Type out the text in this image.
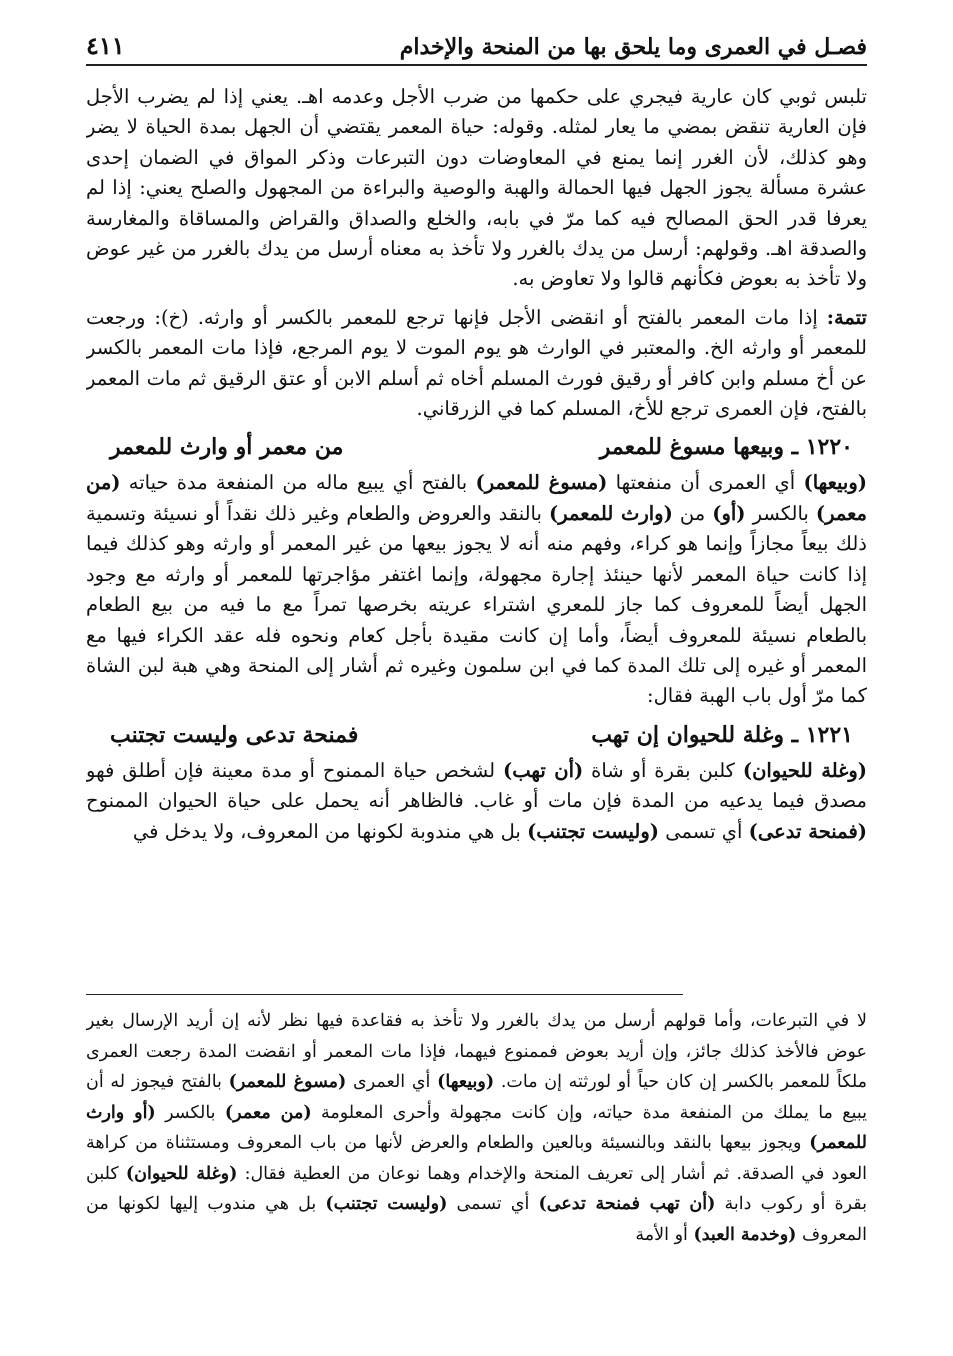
فصـل في العمرى وما يلحق بها من المنحة والإخدام
٤١١

تلبس ثوبي كان عارية فيجري على حكمها من ضرب الأجل وعدمه اهـ. يعني إذا لم يضرب الأجل فإن العارية تنقض بمضي ما يعار لمثله. وقوله: حياة المعمر يقتضي أن الجهل بمدة الحياة لا يضر وهو كذلك، لأن الغرر إنما يمنع في المعاوضات دون التبرعات وذكر المواق في الضمان إحدى عشرة مسألة يجوز الجهل فيها الحمالة والهبة والوصية والبراءة من المجهول والصلح يعني: إذا لم يعرفا قدر الحق المصالح فيه كما مرّ في بابه، والخلع والصداق والقراض والمساقاة والمغارسة والصدقة اهـ. وقولهم: أرسل من يدك بالغرر ولا تأخذ به معناه أرسل من يدك بالغرر من غير عوض ولا تأخذ به بعوض فكأنهم قالوا ولا تعاوض به.

تتمة: إذا مات المعمر بالفتح أو انقضى الأجل فإنها ترجع للمعمر بالكسر أو وارثه. (خ): ورجعت للمعمر أو وارثه الخ. والمعتبر في الوارث هو يوم الموت لا يوم المرجع، فإذا مات المعمر بالكسر عن أخ مسلم وابن كافر أو رقيق فورث المسلم أخاه ثم أسلم الابن أو عتق الرقيق ثم مات المعمر بالفتح، فإن العمرى ترجع للأخ، المسلم كما في الزرقاني.

١٢٢٠ ـ وبيعها مسوغ للمعمر
من معمر أو وارث للمعمر

(وبيعها) أي العمرى أن منفعتها (مسوغ للمعمر) بالفتح أي يبيع ماله من المنفعة مدة حياته (من معمر) بالكسر (أو) من (وارث للمعمر) بالنقد والعروض والطعام وغير ذلك نقداً أو نسيئة وتسمية ذلك بيعاً مجازاً وإنما هو كراء، وفهم منه أنه لا يجوز بيعها من غير المعمر أو وارثه وهو كذلك فيما إذا كانت حياة المعمر لأنها حينئذ إجارة مجهولة، وإنما اغتفر مؤاجرتها للمعمر أو وارثه مع وجود الجهل أيضاً للمعروف كما جاز للمعري اشتراء عريته بخرصها تمراً مع ما فيه من بيع الطعام بالطعام نسيئة للمعروف أيضاً، وأما إن كانت مقيدة بأجل كعام ونحوه فله عقد الكراء فيها مع المعمر أو غيره إلى تلك المدة كما في ابن سلمون وغيره ثم أشار إلى المنحة وهي هبة لبن الشاة كما مرّ أول باب الهبة فقال:

١٢٢١ ـ وغلة للحيوان إن تهب
فمنحة تدعى وليست تجتنب

(وغلة للحيوان) كلبن بقرة أو شاة (أن تهب) لشخص حياة الممنوح أو مدة معينة فإن أطلق فهو مصدق فيما يدعيه من المدة فإن مات أو غاب. فالظاهر أنه يحمل على حياة الحيوان الممنوح (فمنحة تدعى) أي تسمى (وليست تجتنب) بل هي مندوبة لكونها من المعروف، ولا يدخل في

لا في التبرعات، وأما قولهم أرسل من يدك بالغرر ولا تأخذ به فقاعدة فيها نظر لأنه إن أريد الإرسال بغير عوض فالأخذ كذلك جائز، وإن أريد بعوض فممنوع فيهما، فإذا مات المعمر أو انقضت المدة رجعت العمرى ملكاً للمعمر بالكسر إن كان حياً أو لورثته إن مات. (وبيعها) أي العمرى (مسوغ للمعمر) بالفتح فيجوز له أن يبيع ما يملك من المنفعة مدة حياته، وإن كانت مجهولة وأحرى المعلومة (من معمر) بالكسر (أو وارث للمعمر) ويجوز بيعها بالنقد وبالنسيئة وبالعين والطعام والعرض لأنها من باب المعروف ومستثناة من كراهة العود في الصدقة. ثم أشار إلى تعريف المنحة والإخدام وهما نوعان من العطية فقال: (وغلة للحيوان) كلبن بقرة أو ركوب دابة (أن تهب فمنحة تدعى) أي تسمى (وليست تجتنب) بل هي مندوب إليها لكونها من المعروف (وخدمة العبد) أو الأمة
